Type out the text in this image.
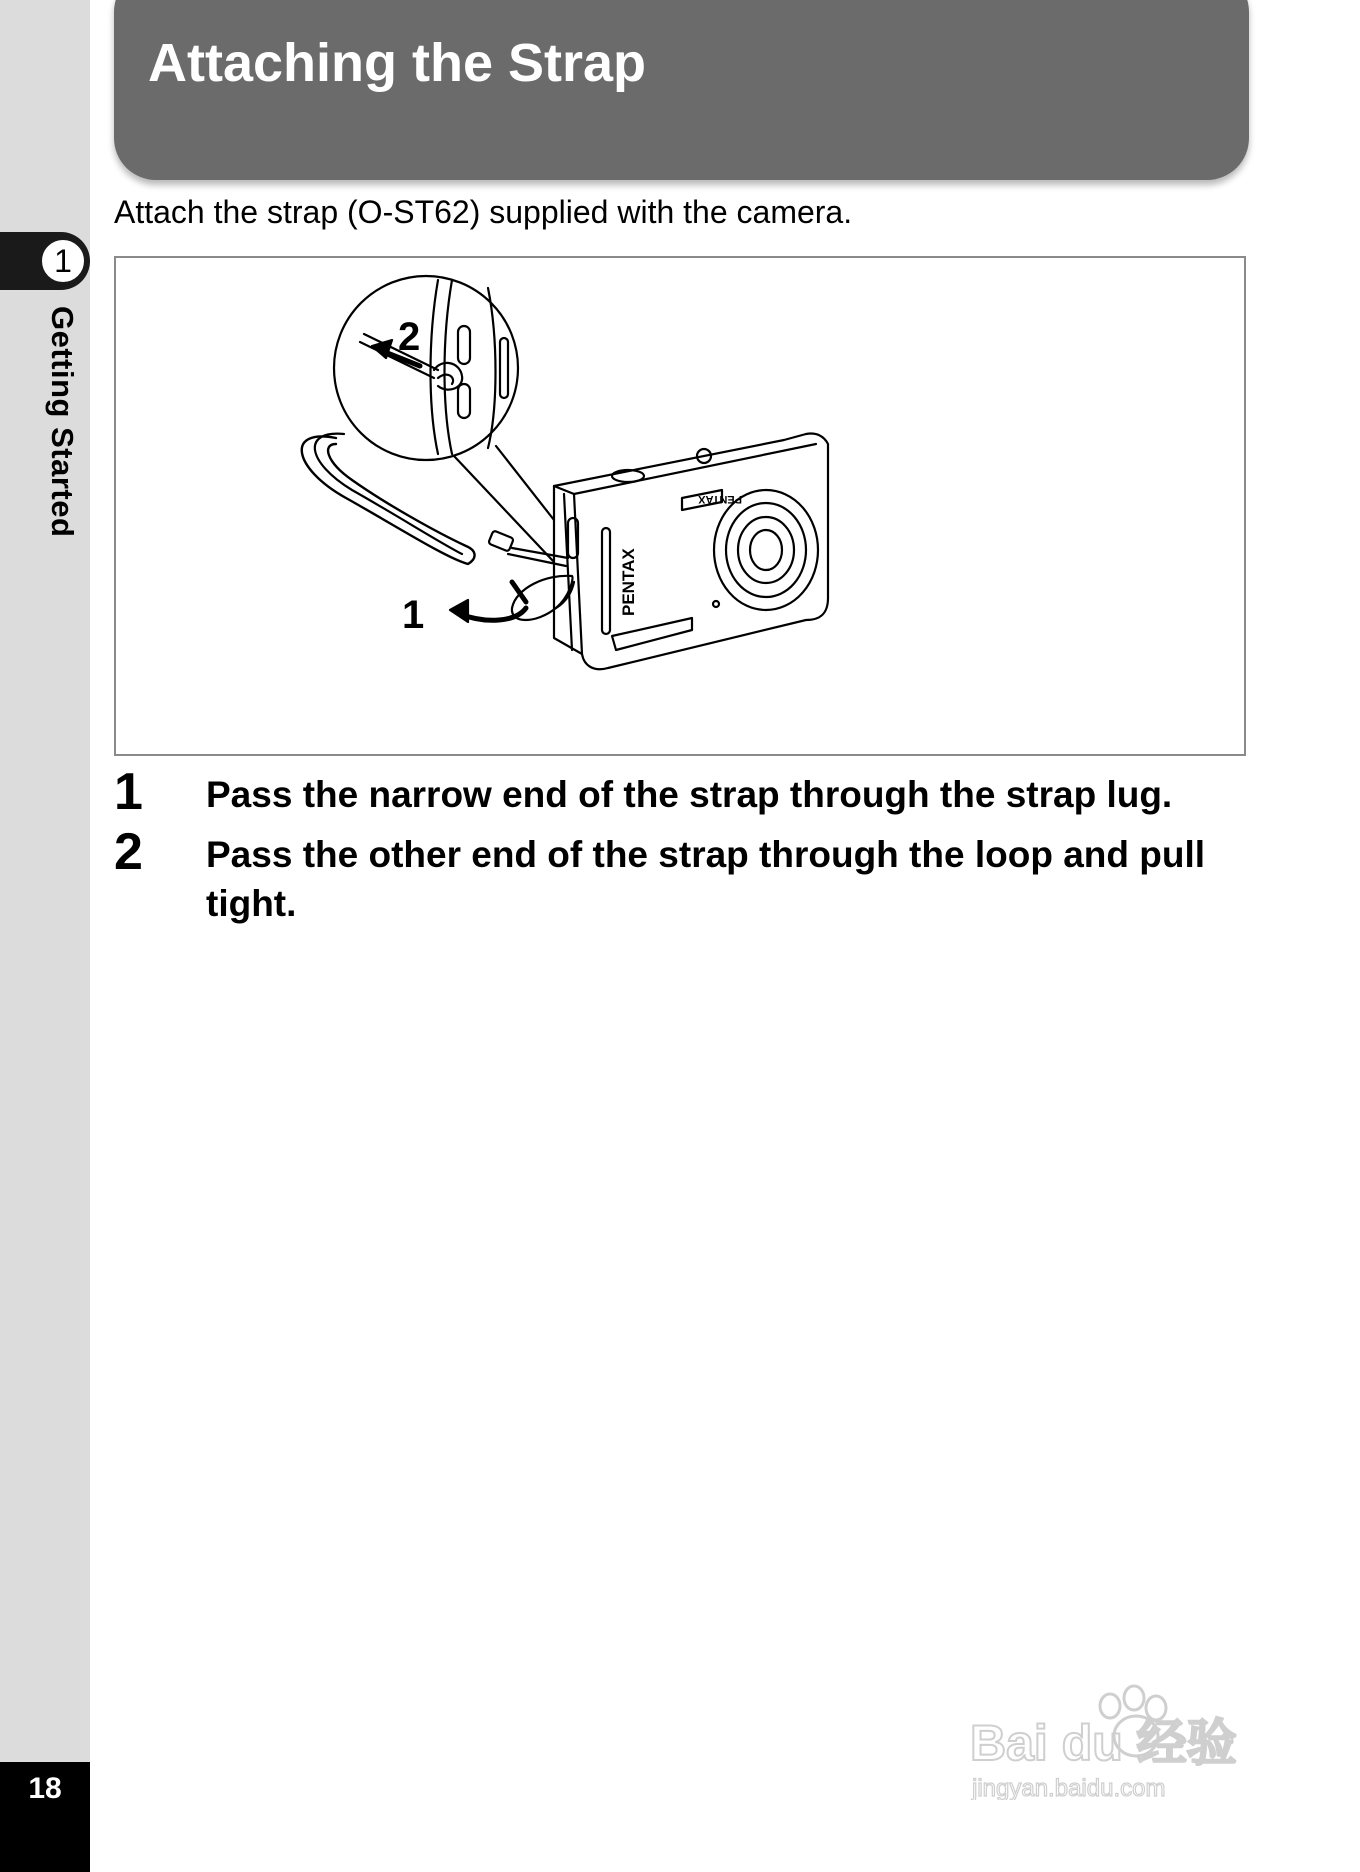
1
Getting Started
18
Attaching the Strap
Attach the strap (O-ST62) supplied with the camera.
PENTAX
PENTAX
2
1
1 Pass the narrow end of the strap through the strap lug.
2 Pass the other end of the strap through the loop and pull tight.
Bai du 经验
jingyan.baidu.com
